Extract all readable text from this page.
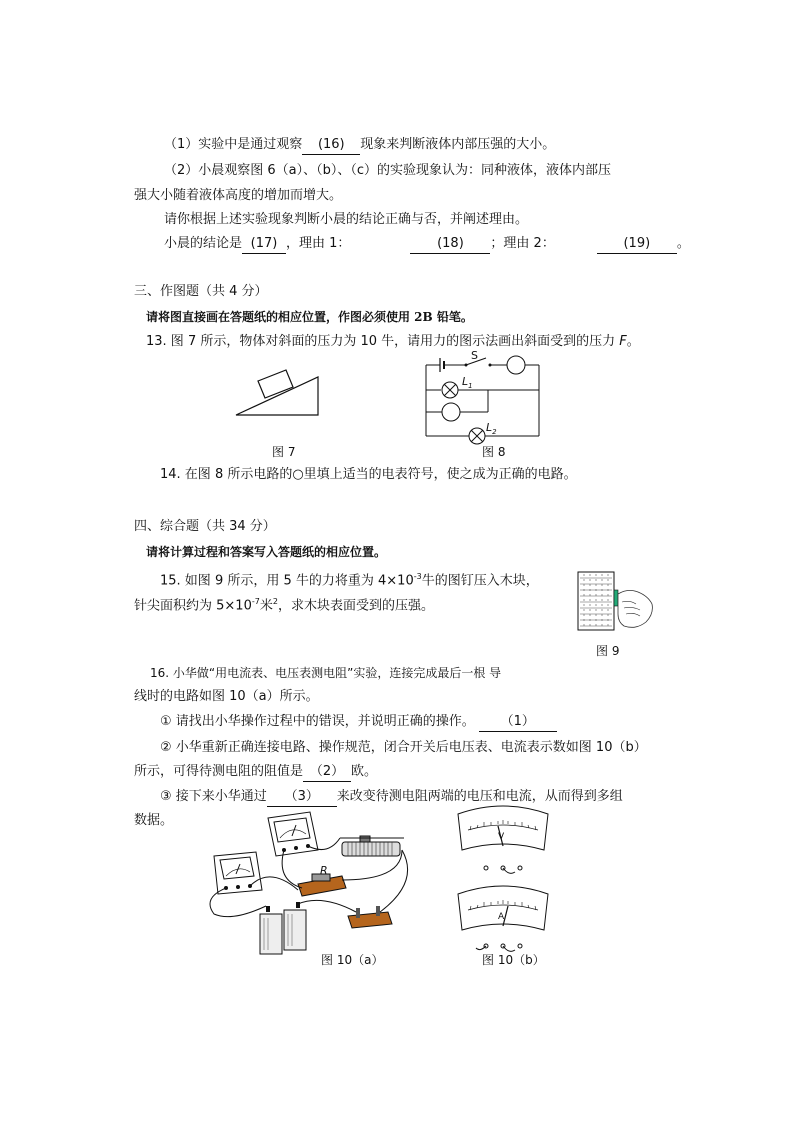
（1）实验中是通过观察 (16) 现象来判断液体内部压强的大小。
（2）小晨观察图 6（a）、（b）、（c）的实验现象认为：同种液体，液体内部压
强大小随着液体高度的增加而增大。
请你根据上述实验现象判断小晨的结论正确与否，并阐述理由。
小晨的结论是 (17) ，理由 1：	(18) ；理由 2：	(19) 。
三、作图题（共 4 分）
请将图直接画在答题纸的相应位置，作图必须使用 2B 铅笔。
13. 图 7 所示，物体对斜面的压力为 10 牛，请用力的图示法画出斜面受到的压力 F。
图 7
S
$L_1$
$L_2$
图 8
14. 在图 8 所示电路的○里填上适当的电表符号，使之成为正确的电路。
四、综合题（共 34 分）
请将计算过程和答案写入答题纸的相应位置。
15. 如图 9 所示，用 5 牛的力将重为 $4\times 10^{-3}$牛的图钉压入木块，
针尖面积约为 $5\times 10^{-7}$米$^2$，求木块表面受到的压强。
图 9
16. 小华做“用电流表、电压表测电阻”实验，连接完成最后一根 导
线时的电路如图 10（a）所示。
① 请找出小华操作过程中的错误，并说明正确的操作。 （1）
② 小华重新正确连接电路、操作规范，闭合开关后电压表、电流表示数如图 10（b）
所示，可得待测电阻的阻值是 （2） 欧。
③ 接下来小华通过 （3） 来改变待测电阻两端的电压和电流，从而得到多组
数据。
R
图 10（a）
V
A
图 10（b）
